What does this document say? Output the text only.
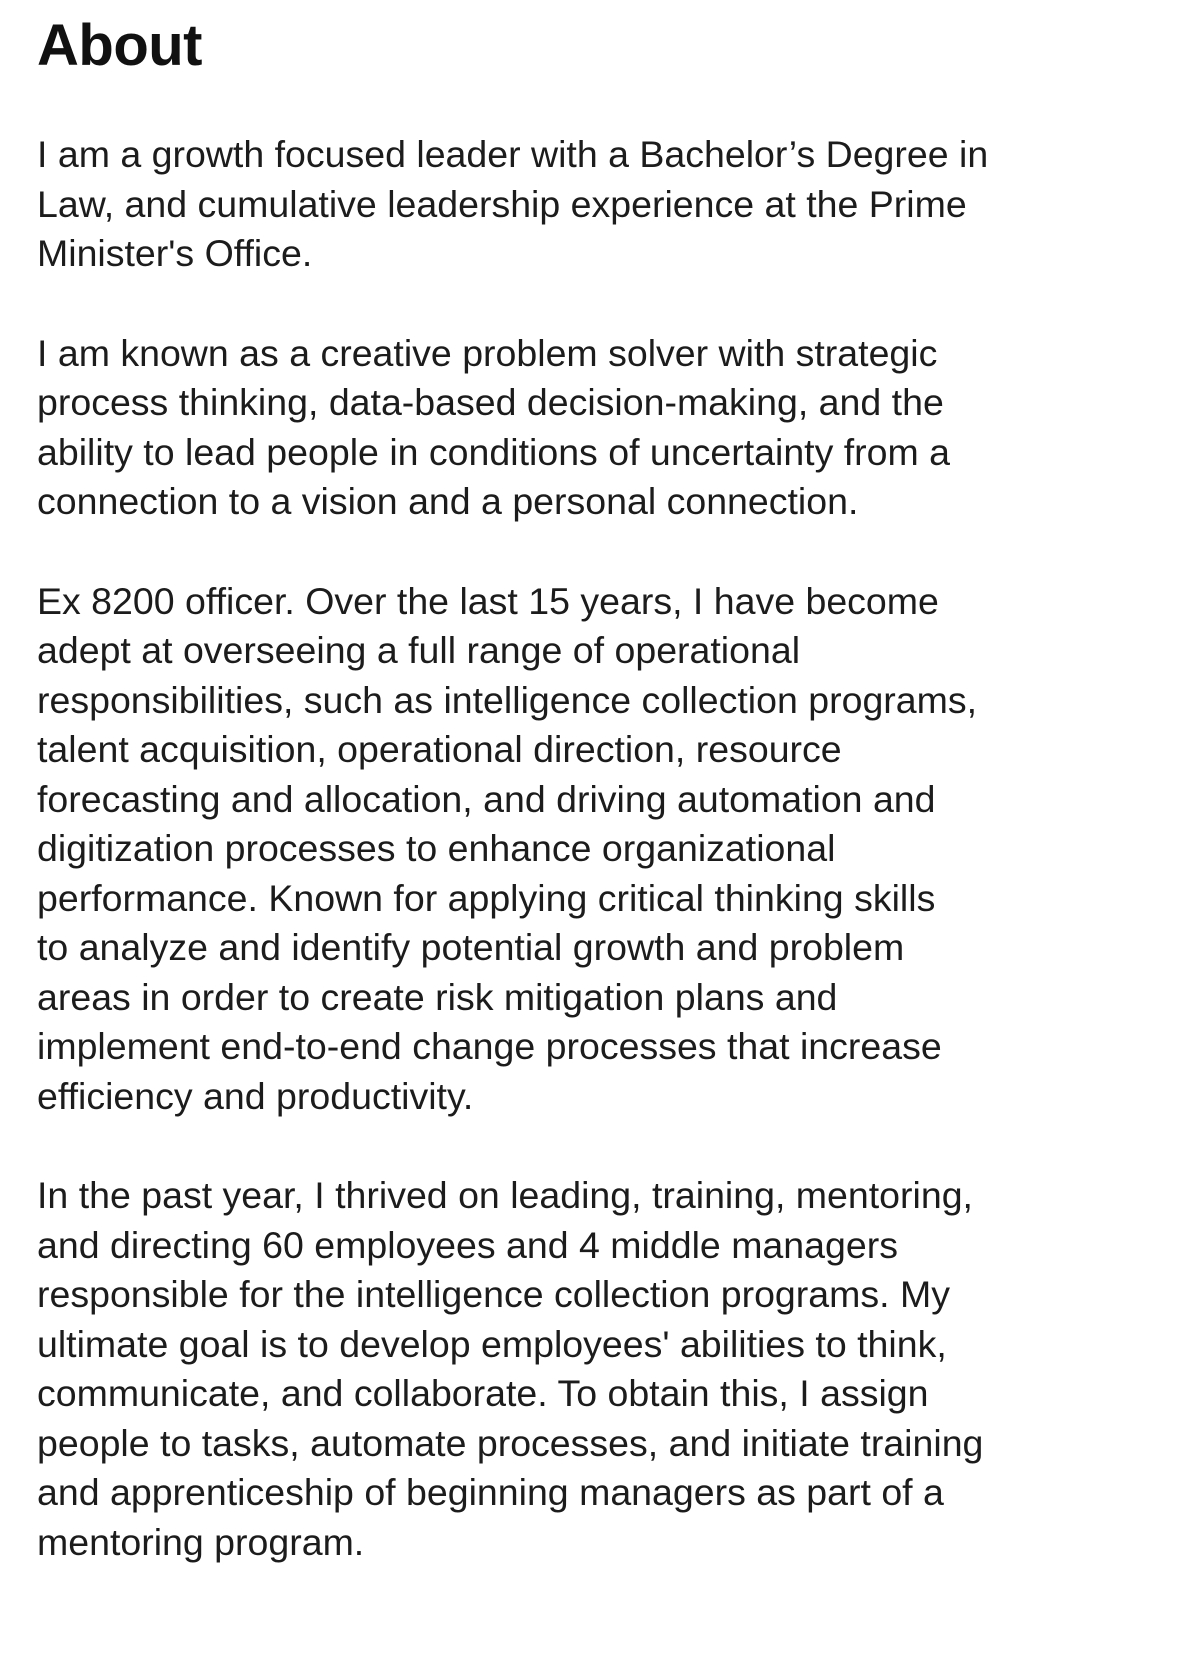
About

I am a growth focused leader with a Bachelor’s Degree in
Law, and cumulative leadership experience at the Prime
Minister's Office.

I am known as a creative problem solver with strategic
process thinking, data-based decision-making, and the
ability to lead people in conditions of uncertainty from a
connection to a vision and a personal connection.

Ex 8200 officer. Over the last 15 years, I have become
adept at overseeing a full range of operational
responsibilities, such as intelligence collection programs,
talent acquisition, operational direction, resource
forecasting and allocation, and driving automation and
digitization processes to enhance organizational
performance. Known for applying critical thinking skills
to analyze and identify potential growth and problem
areas in order to create risk mitigation plans and
implement end-to-end change processes that increase
efficiency and productivity.

In the past year, I thrived on leading, training, mentoring,
and directing 60 employees and 4 middle managers
responsible for the intelligence collection programs. My
ultimate goal is to develop employees' abilities to think,
communicate, and collaborate. To obtain this, I assign
people to tasks, automate processes, and initiate training
and apprenticeship of beginning managers as part of a
mentoring program.
